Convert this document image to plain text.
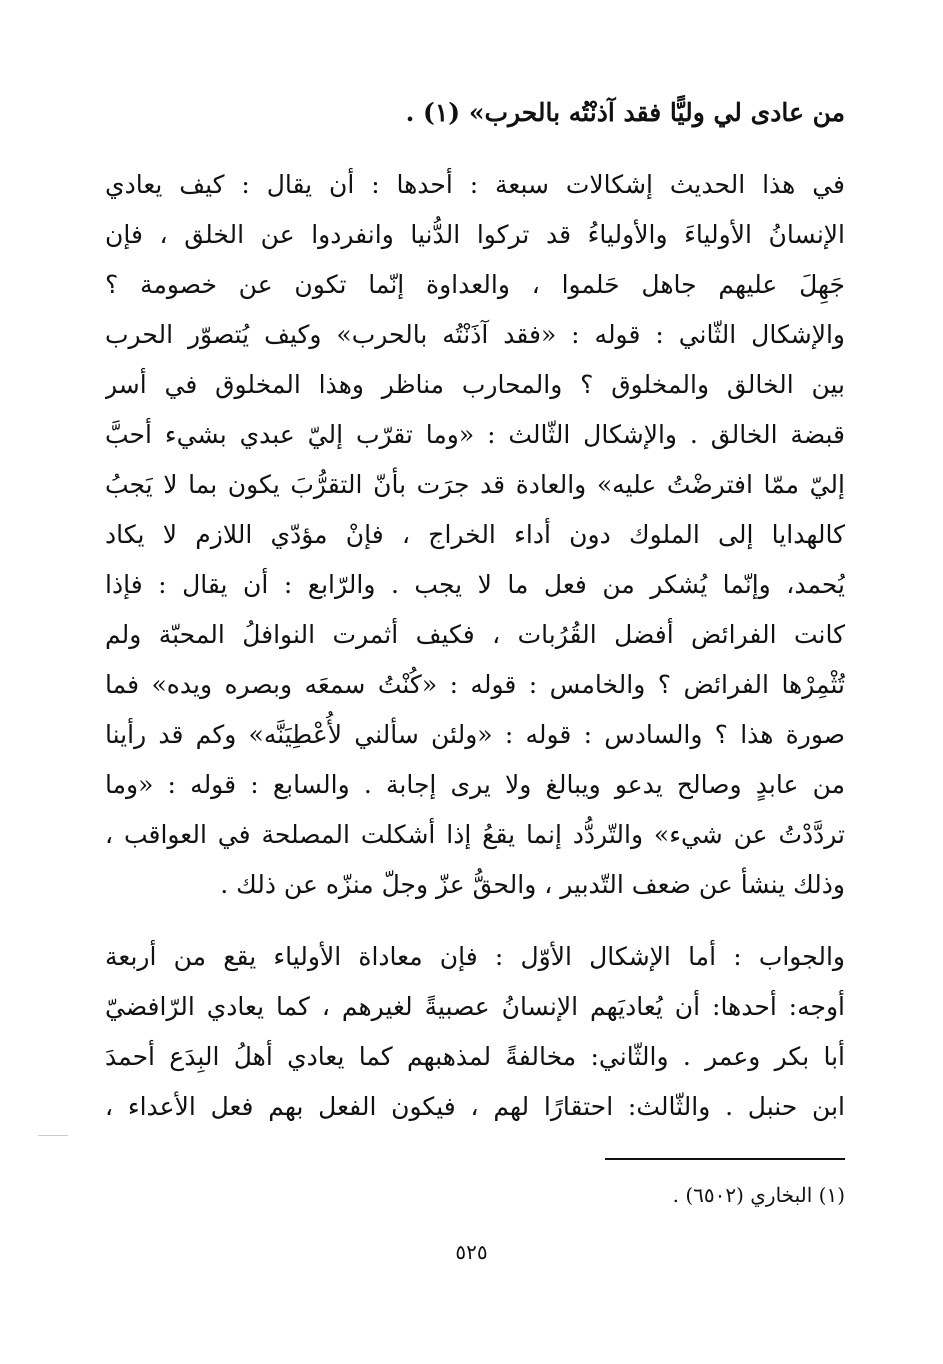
من عادى لي وليًّا فقد آذنْتُه بالحرب» (١) .
في هذا الحديث إشكالات سبعة : أحدها : أن يقال : كيف يعادي
الإنسانُ الأولياءَ والأولياءُ قد تركوا الدُّنيا وانفردوا عن الخلق ، فإن
جَهِلَ عليهم جاهل حَلموا ، والعداوة إنّما تكون عن خصومة ؟
والإشكال الثّاني : قوله : «فقد آذَنْتُه بالحرب» وكيف يُتصوّر الحرب
بين الخالق والمخلوق ؟ والمحارب مناظر وهذا المخلوق في أسر
قبضة الخالق . والإشكال الثّالث : «وما تقرّب إليّ عبدي بشيء أحبَّ
إليّ ممّا افترضْتُ عليه» والعادة قد جرَت بأنّ التقرُّبَ يكون بما لا يَجبُ
كالهدايا إلى الملوك دون أداء الخراج ، فإنْ مؤدّي اللازم لا يكاد
يُحمد، وإنّما يُشكر من فعل ما لا يجب . والرّابع : أن يقال : فإذا
كانت الفرائض أفضل القُرُبات ، فكيف أثمرت النوافلُ المحبّة ولم
تُثْمِرْها الفرائض ؟ والخامس : قوله : «كُنْتُ سمعَه وبصره ويده» فما
صورة هذا ؟ والسادس : قوله : «ولئن سألني لأُعْطِيَنَّه» وكم قد رأينا
من عابدٍ وصالح يدعو ويبالغ ولا يرى إجابة . والسابع : قوله : «وما
تردَّدْتُ عن شيء» والتّردُّد إنما يقعُ إذا أشكلت المصلحة في العواقب ،
وذلك ينشأ عن ضعف التّدبير ، والحقُّ عزّ وجلّ منزّه عن ذلك .
والجواب : أما الإشكال الأوّل : فإن معاداة الأولياء يقع من أربعة
أوجه: أحدها: أن يُعاديَهم الإنسانُ عصبيةً لغيرهم ، كما يعادي الرّافضيّ
أبا بكر وعمر . والثّاني: مخالفةً لمذهبهم كما يعادي أهلُ البِدَع أحمدَ
ابن حنبل . والثّالث: احتقارًا لهم ، فيكون الفعل بهم فعل الأعداء ،
(١) البخاري (٦٥٠٢) .
٥٢٥
